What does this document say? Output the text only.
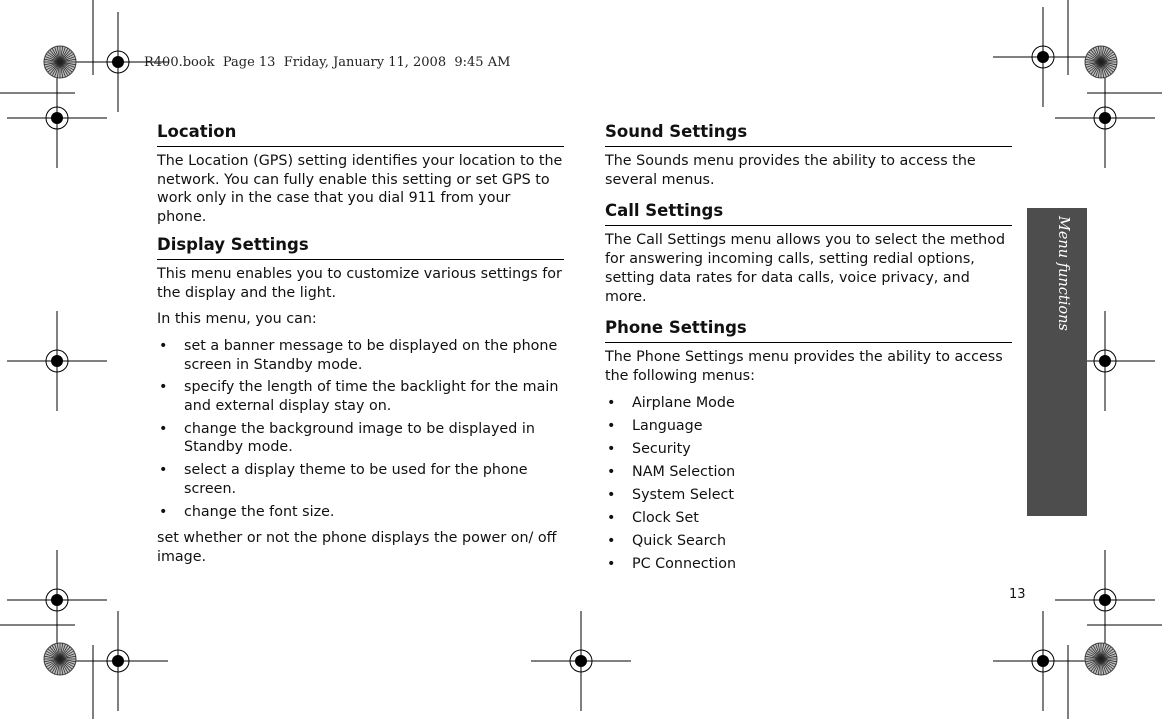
R400.book  Page 13  Friday, January 11, 2008  9:45 AM
Location

The Location (GPS) setting identifies your location to the network. You can fully enable this setting or set GPS to work only in the case that you dial 911 from your phone.

Display Settings

This menu enables you to customize various settings for the display and the light.

In this menu, you can:

• set a banner message to be displayed on the phone screen in Standby mode.
• specify the length of time the backlight for the main and external display stay on.
• change the background image to be displayed in Standby mode.
• select a display theme to be used for the phone screen.
• change the font size.

set whether or not the phone displays the power on/ off image.

Sound Settings

The Sounds menu provides the ability to access the several menus.

Call Settings

The Call Settings menu allows you to select the method for answering incoming calls, setting redial options, setting data rates for data calls, voice privacy, and more.

Phone Settings

The Phone Settings menu provides the ability to access the following menus:

• Airplane Mode
• Language
• Security
• NAM Selection
• System Select
• Clock Set
• Quick Search
• PC Connection
Menu functions
13
